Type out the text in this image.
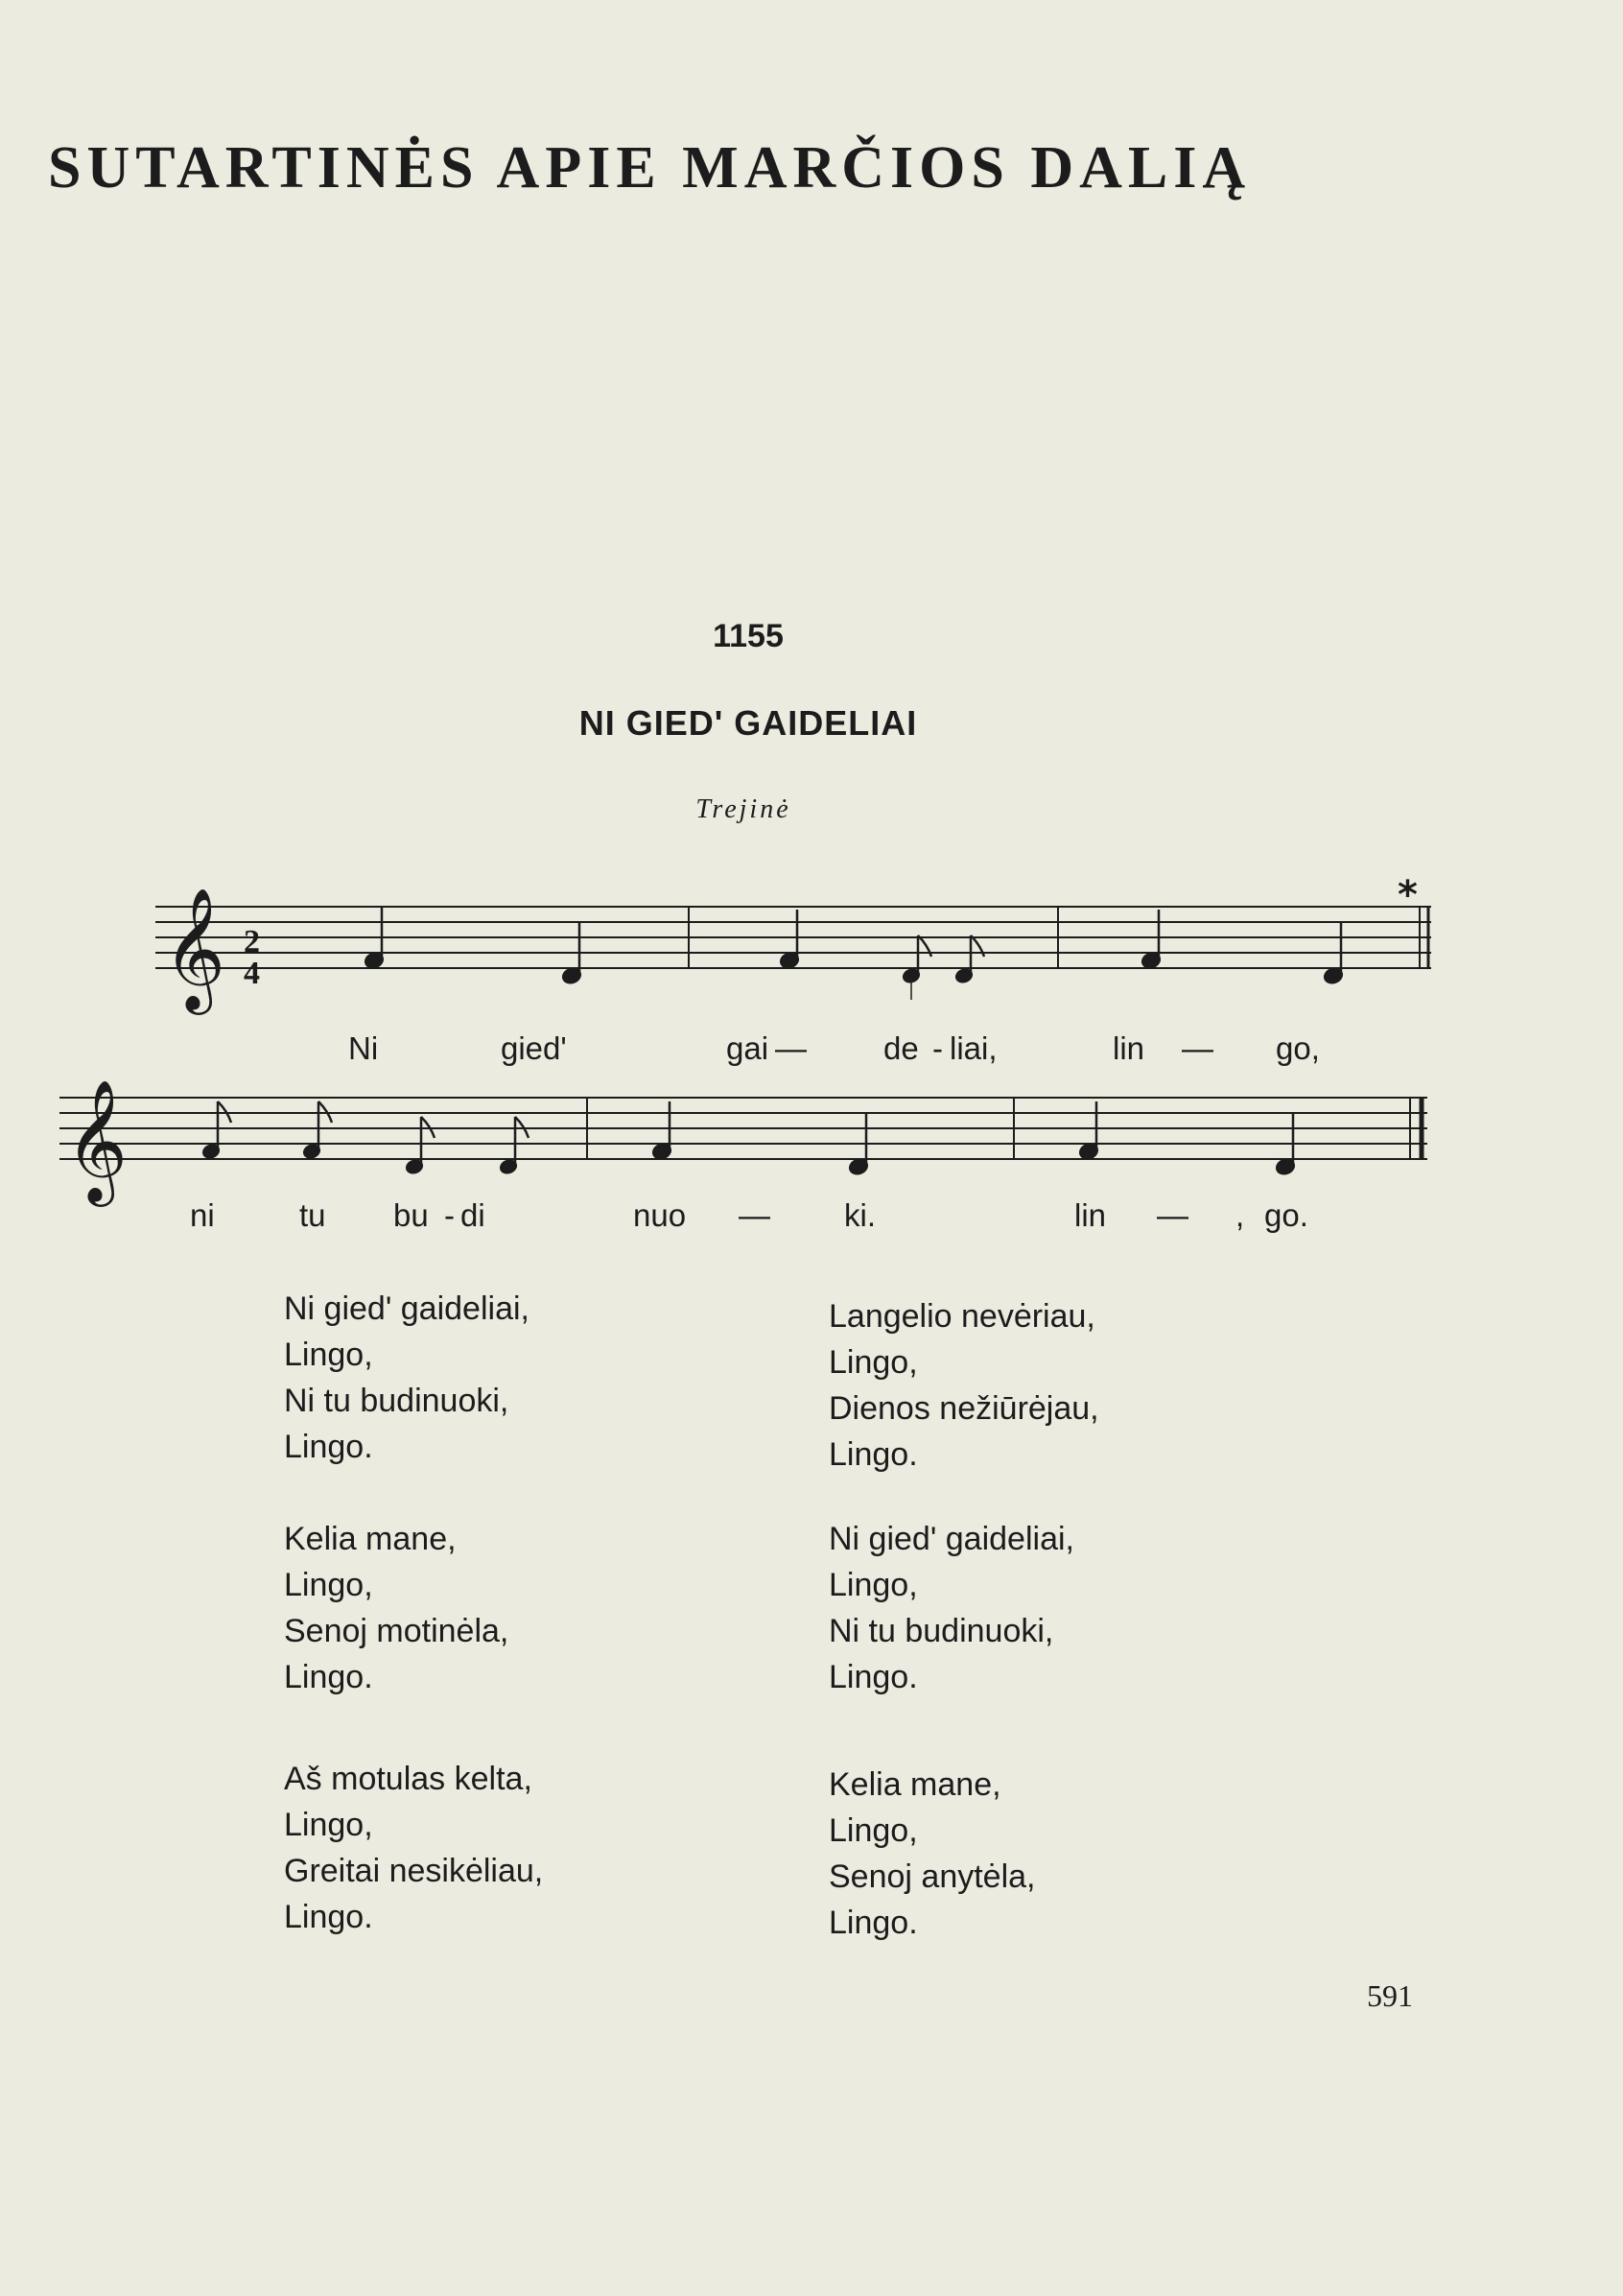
SUTARTINĖS APIE MARČIOS DALIĄ
1155
NI GIED' GAIDELIAI
Trejinė
*
𝄞 2
4
𝄞
Ni	gied'	gai — de - liai,	lin — go,
ni	tu bu - di	nuo — ki.	lin — , go.
Ni gied' gaideliai,
Lingo,
Ni tu budinuoki,
Lingo.
Langelio nevėriau,
Lingo,
Dienos nežiūrėjau,
Lingo.
Kelia mane,
Lingo,
Senoj motinėla,
Lingo.
Ni gied' gaideliai,
Lingo,
Ni tu budinuoki,
Lingo.
Aš motulas kelta,
Lingo,
Greitai nesikėliau,
Lingo.
Kelia mane,
Lingo,
Senoj anytėla,
Lingo.
591
